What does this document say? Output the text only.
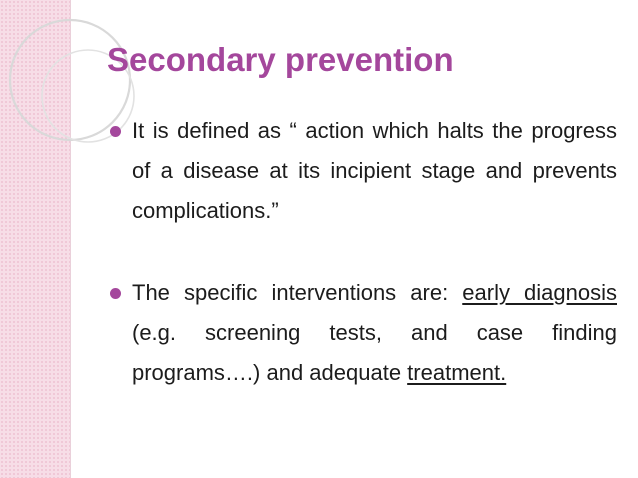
Secondary prevention
It is defined as “ action which halts the progress of a disease at its incipient stage and prevents complications.”
The specific interventions are: early diagnosis (e.g. screening tests, and case finding programs….) and adequate treatment.
